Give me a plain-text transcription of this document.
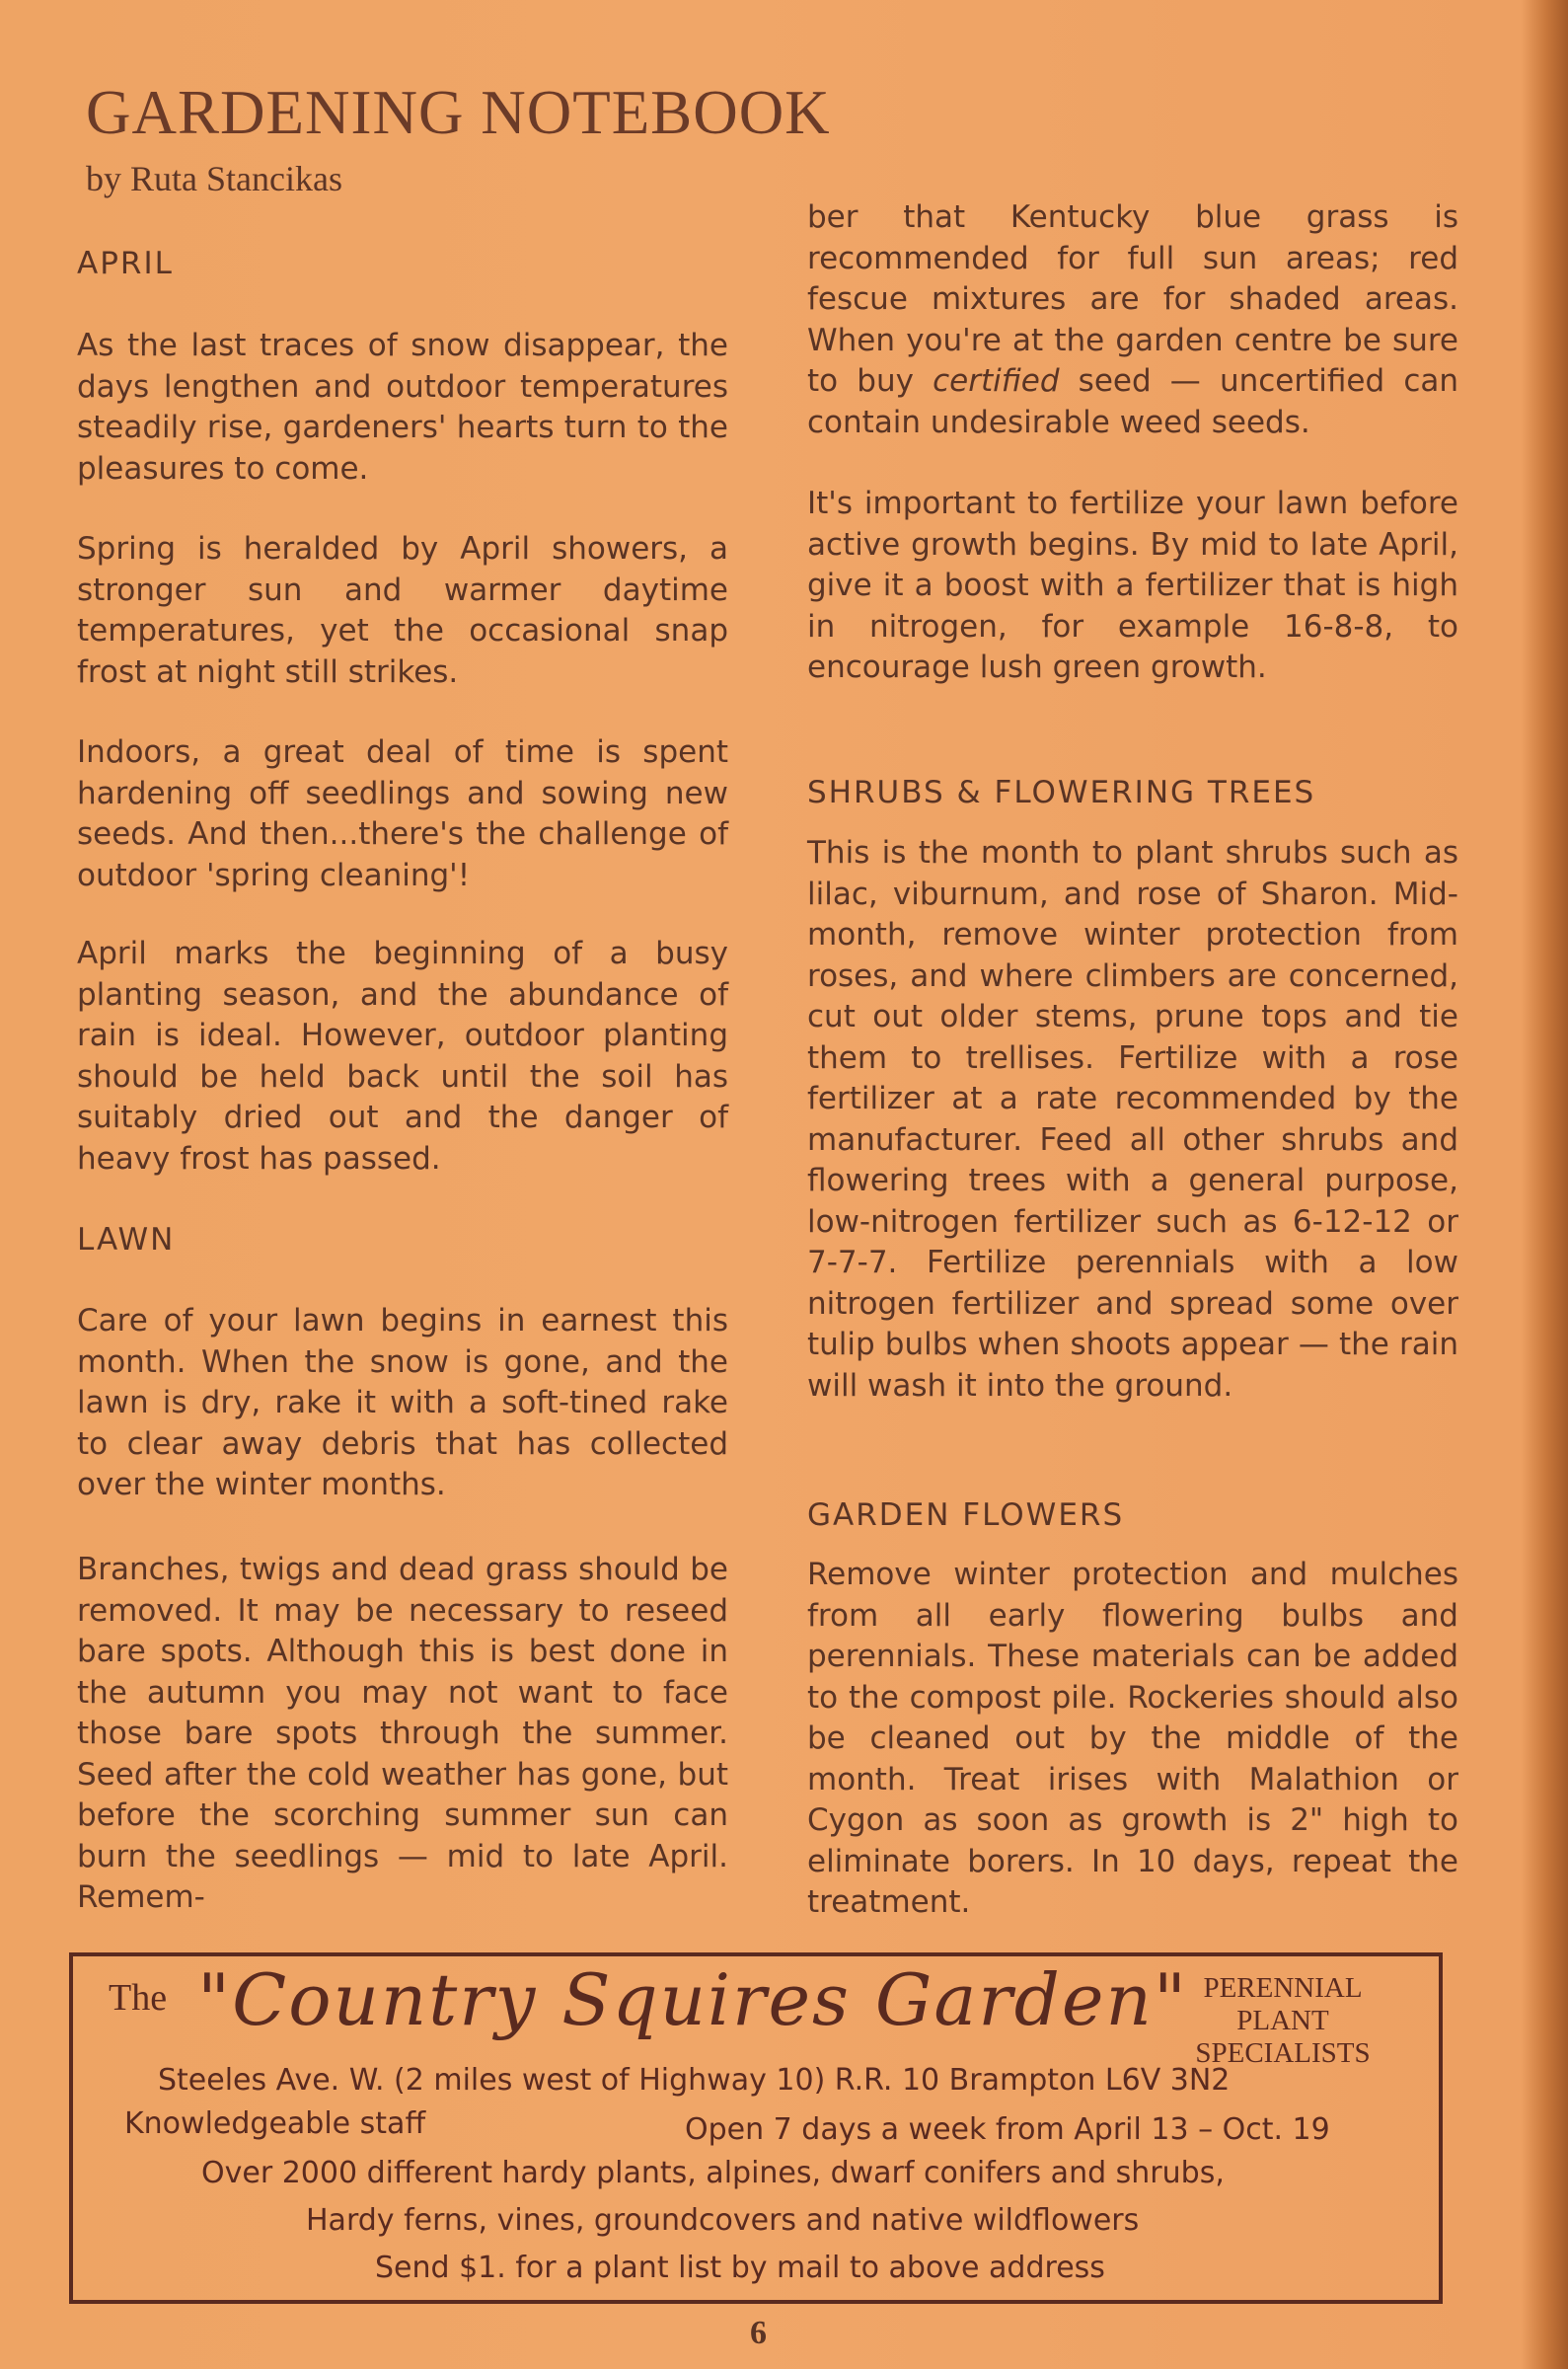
GARDENING NOTEBOOK
by Ruta Stancikas
APRIL

As the last traces of snow disappear, the days lengthen and outdoor temperatures steadily rise, gardeners' hearts turn to the pleasures to come.

Spring is heralded by April showers, a stronger sun and warmer daytime temperatures, yet the occasional snap frost at night still strikes.

Indoors, a great deal of time is spent hardening off seedlings and sowing new seeds. And then...there's the challenge of outdoor 'spring cleaning'!

April marks the beginning of a busy planting season, and the abundance of rain is ideal. However, outdoor planting should be held back until the soil has suitably dried out and the danger of heavy frost has passed.

LAWN

Care of your lawn begins in earnest this month. When the snow is gone, and the lawn is dry, rake it with a soft-tined rake to clear away debris that has collected over the winter months.

Branches, twigs and dead grass should be removed. It may be necessary to reseed bare spots. Although this is best done in the autumn you may not want to face those bare spots through the summer. Seed after the cold weather has gone, but before the scorching summer sun can burn the seedlings — mid to late April. Remem-

ber that Kentucky blue grass is recommended for full sun areas; red fescue mixtures are for shaded areas. When you're at the garden centre be sure to buy certified seed — uncertified can contain undesirable weed seeds.

It's important to fertilize your lawn before active growth begins. By mid to late April, give it a boost with a fertilizer that is high in nitrogen, for example 16-8-8, to encourage lush green growth.

SHRUBS & FLOWERING TREES

This is the month to plant shrubs such as lilac, viburnum, and rose of Sharon. Mid-month, remove winter protection from roses, and where climbers are concerned, cut out older stems, prune tops and tie them to trellises. Fertilize with a rose fertilizer at a rate recommended by the manufacturer. Feed all other shrubs and flowering trees with a general purpose, low-nitrogen fertilizer such as 6-12-12 or 7-7-7. Fertilize perennials with a low nitrogen fertilizer and spread some over tulip bulbs when shoots appear — the rain will wash it into the ground.

GARDEN FLOWERS

Remove winter protection and mulches from all early flowering bulbs and perennials. These materials can be added to the compost pile. Rockeries should also be cleaned out by the middle of the month. Treat irises with Malathion or Cygon as soon as growth is 2" high to eliminate borers. In 10 days, repeat the treatment.

The "Country Squires Garden" PERENNIAL PLANT SPECIALISTS
Steeles Ave. W. (2 miles west of Highway 10) R.R. 10 Brampton L6V 3N2
Knowledgeable staff	Open 7 days a week from April 13 – Oct. 19
Over 2000 different hardy plants, alpines, dwarf conifers and shrubs,
Hardy ferns, vines, groundcovers and native wildflowers
Send $1. for a plant list by mail to above address
6
